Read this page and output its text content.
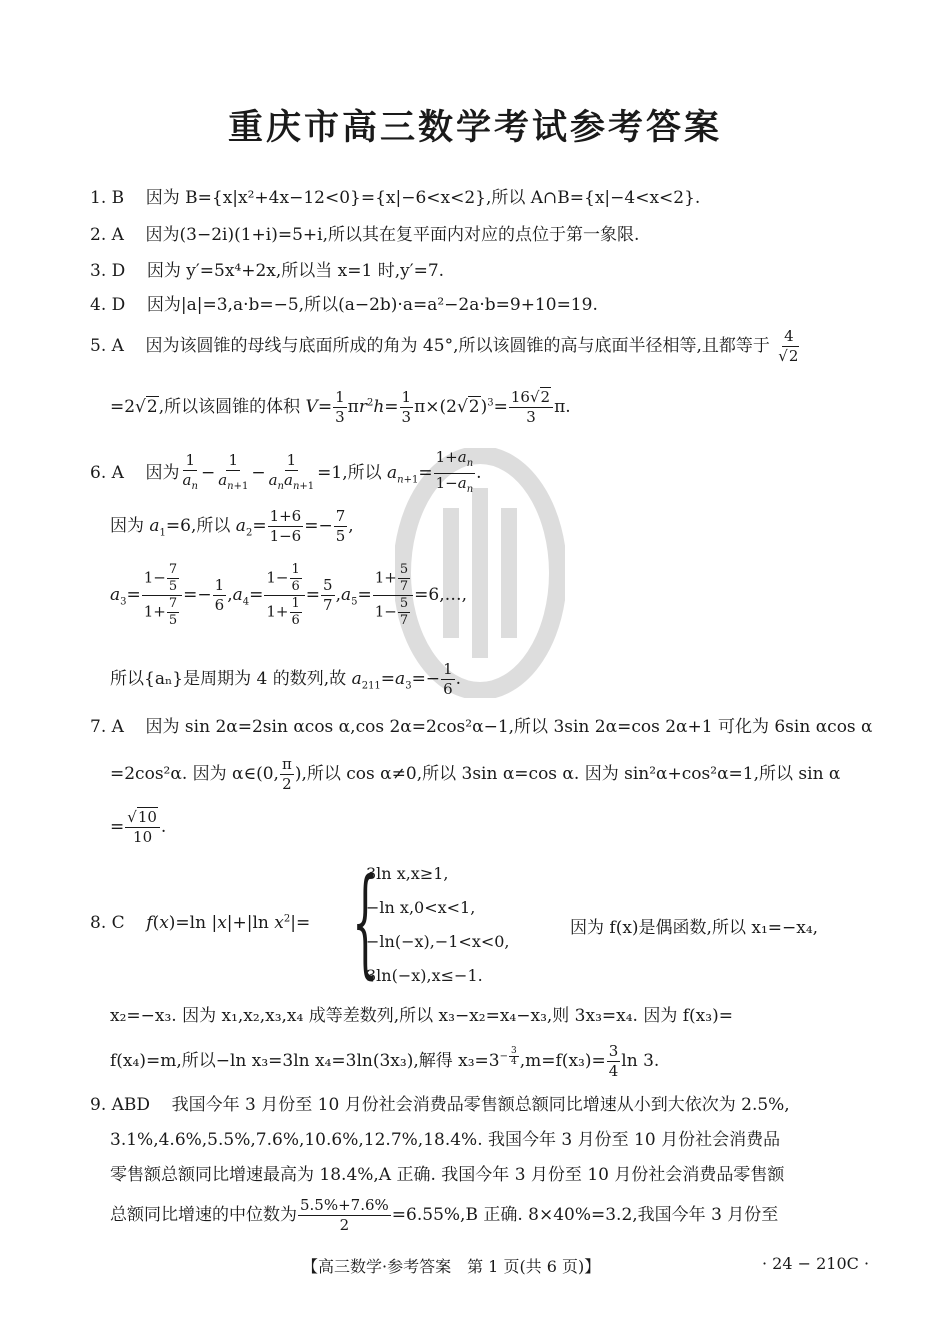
重庆市高三数学考试参考答案
1. B 因为 B={x|x²+4x−12<0}={x|−6<x<2},所以 A∩B={x|−4<x<2}.
2. A 因为(3−2i)(1+i)=5+i,所以其在复平面内对应的点位于第一象限.
3. D 因为 y′=5x⁴+2x,所以当 x=1 时,y′=7.
4. D 因为|a|=3,a·b=−5,所以(a−2b)·a=a²−2a·b=9+10=19.
5. A 因为该圆锥的母线与底面所成的角为 45°,所以该圆锥的高与底面半径相等,且都等于 $\frac{4}{√2}$
=2√2,所以该圆锥的体积 $V= \frac{1}{3} \pi r^2h= \frac{1}{3} \pi\times(2√2)^3= \frac{16√2}{3} \pi$.
6. A 因为 $\frac{1}{a_n} - \frac{1}{a_{n+1}}$ −
1
$a_na_{n+1}$
=1,所以 $a_{n+1}= \frac{1+a_n}{1-a_n}$ .
因为 $a_1=6$,所以 $a_2= \frac{1+6}{1-6} =- \frac{7}{5}$ ,
$a_3= \frac{1- \frac{7}{5}}{1+ \frac{7}{5}} =- \frac{1}{6} ,a_4= \frac{1- \frac{1}{6}}{1+ \frac{1}{6}} = \frac{5}{7} ,a_5= \frac{1+ \frac{5}{7}}{1- \frac{5}{7}}$ =6,…,
所以{aₙ}是周期为 4 的数列,故 $a_{211}=a_3=- \frac{1}{6}$ .
7. A 因为 sin 2α=2sin αcos α,cos 2α=2cos²α−1,所以 3sin 2α=cos 2α+1 可化为 6sin αcos α
=2cos²α. 因为 α∈(0, $\frac{\pi}{2}$ ),所以 cos α≠0,所以 3sin α=cos α. 因为 sin²α+cos²α=1,所以 sin α
= $\frac{√10}{10}$ .
8. C f(x)=ln |x|+|ln $x^2|=$ {
3ln x,x≥1,
−ln x,0<x<1,
−ln(−x),−1<x<0,
3ln(−x),x≤−1.
因为 f(x)是偶函数,所以 x₁=−x₄,
x₂=−x₃. 因为 x₁,x₂,x₃,x₄ 成等差数列,所以 x₃−x₂=x₄−x₃,则 3x₃=x₄. 因为 f(x₃)=
f(x₄)=m,所以−ln x₃=3ln x₄=3ln(3x₃),解得 $x_3=3^{- \frac{3}{4}}$ $,m=f(x_3)= \frac{3}{4}$ ln 3.
9. ABD 我国今年 3 月份至 10 月份社会消费品零售额总额同比增速从小到大依次为 2.5%,
3.1%,4.6%,5.5%,7.6%,10.6%,12.7%,18.4%. 我国今年 3 月份至 10 月份社会消费品
零售额总额同比增速最高为 18.4%,A 正确. 我国今年 3 月份至 10 月份社会消费品零售额
总额同比增速的中位数为 $\frac{5.5\%+7.6\%}{2} =6.55\%,B$ 正确. 8×40%=3.2,我国今年 3 月份至
【高三数学·参考答案　第 1 页(共 6 页)】	· 24 − 210C ·
